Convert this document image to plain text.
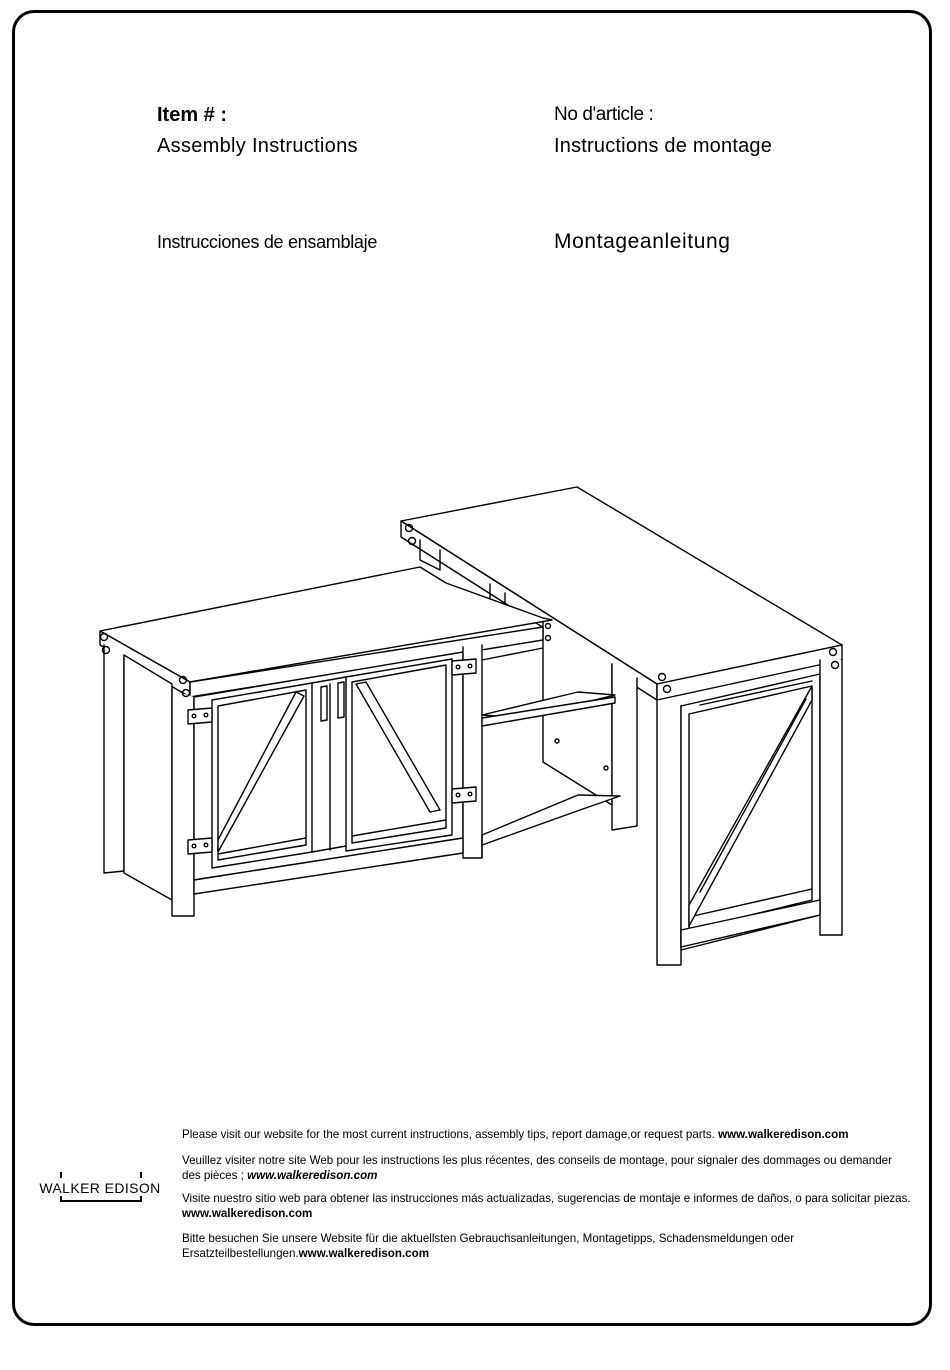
Item # :
Assembly Instructions
No d'article :
Instructions de montage
Instrucciones de ensamblaje	Montageanleitung
WALKER EDISON
Please visit our website for the most current instructions, assembly tips, report damage,or request parts. www.walkeredison.com
Veuillez visiter notre site Web pour les instructions les plus récentes, des conseils de montage, pour signaler des dommages ou demander des pièces ; www.walkeredison.com
Visite nuestro sitio web para obtener las instrucciones más actualizadas, sugerencias de montaje e informes de daños, o para solicitar piezas. www.walkeredison.com
Bitte besuchen Sie unsere Website für die aktuellsten Gebrauchsanleitungen, Montagetipps, Schadensmeldungen oder Ersatzteilbestellungen.www.walkeredison.com
